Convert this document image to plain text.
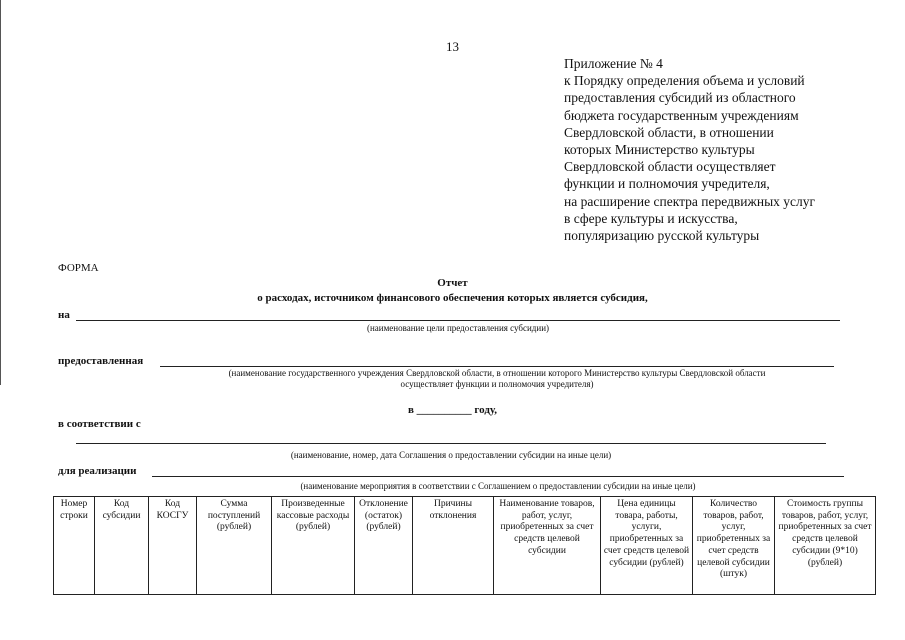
13
Приложение № 4
к Порядку определения объема и условий
предоставления субсидий из областного
бюджета государственным учреждениям
Свердловской области, в отношении
которых Министерство культуры
Свердловской области осуществляет
функции и полномочия учредителя,
на расширение спектра передвижных услуг
в сфере культуры и искусства,
популяризацию русской культуры
ФОРМА
Отчет
о расходах, источником финансового обеспечения которых является субсидия,
на
(наименование цели предоставления субсидии)
предоставленная
(наименование государственного учреждения Свердловской области, в отношении которого Министерство культуры Свердловской области
осуществляет функции и полномочия учредителя)
в __________ году,
в соответствии с
(наименование, номер, дата Соглашения о предоставлении субсидии на иные цели)
для реализации
(наименование мероприятия в соответствии с Соглашением о предоставлении субсидии на иные цели)
Номер строки	Код субсидии	Код КОСГУ	Сумма поступлений (рублей)	Произведенные кассовые расходы (рублей)	Отклонение (остаток) (рублей)	Причины отклонения	Наименование товаров, работ, услуг, приобретенных за счет средств целевой субсидии	Цена единицы товара, работы, услуги, приобретенных за счет средств целевой субсидии (рублей)	Количество товаров, работ, услуг, приобретенных за счет средств целевой субсидии (штук)	Стоимость группы товаров, работ, услуг, приобретенных за счет средств целевой субсидии (9*10) (рублей)
